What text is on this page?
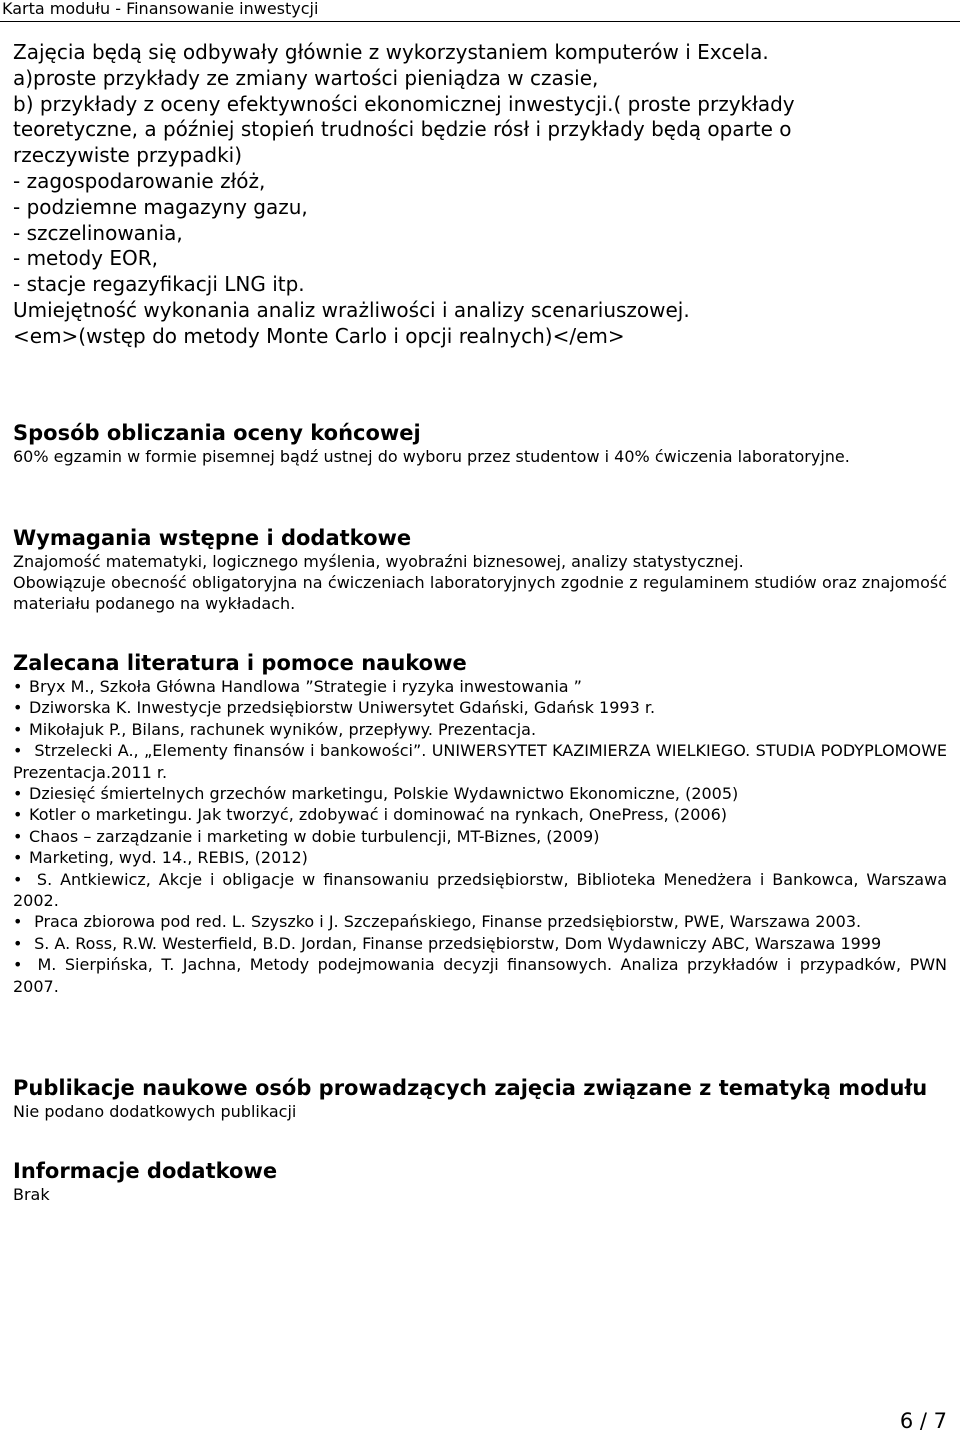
Karta modułu - Finansowanie inwestycji
Zajęcia będą się odbywały głównie z wykorzystaniem komputerów i Excela.
a)proste przykłady ze zmiany wartości pieniądza w czasie,
b) przykłady z oceny efektywności ekonomicznej inwestycji.( proste przykłady
teoretyczne, a później stopień trudności będzie rósł i przykłady będą oparte o
rzeczywiste przypadki)
- zagospodarowanie złóż,
- podziemne magazyny gazu,
- szczelinowania,
- metody EOR,
- stacje regazyfikacji LNG itp.
Umiejętność wykonania analiz wrażliwości i analizy scenariuszowej.
<em>(wstęp do metody Monte Carlo i opcji realnych)</em>
Sposób obliczania oceny końcowej
60% egzamin w formie pisemnej bądź ustnej do wyboru przez studentow i 40% ćwiczenia laboratoryjne.
Wymagania wstępne i dodatkowe
Znajomość matematyki, logicznego myślenia, wyobraźni biznesowej, analizy statystycznej.
Obowiązuje obecność obligatoryjna na ćwiczeniach laboratoryjnych zgodnie z regulaminem studiów oraz znajomość materiału podanego na wykładach.
Zalecana literatura i pomoce naukowe
• Bryx M., Szkoła Główna Handlowa ”Strategie i ryzyka inwestowania ”
• Dziworska K. Inwestycje przedsiębiorstw Uniwersytet Gdański, Gdańsk 1993 r.
• Mikołajuk P., Bilans, rachunek wyników, przepływy. Prezentacja.
• Strzelecki A., „Elementy finansów i bankowości”. UNIWERSYTET KAZIMIERZA WIELKIEGO. STUDIA PODYPLOMOWE Prezentacja.2011 r.
• Dziesięć śmiertelnych grzechów marketingu, Polskie Wydawnictwo Ekonomiczne, (2005)
• Kotler o marketingu. Jak tworzyć, zdobywać i dominować na rynkach, OnePress, (2006)
• Chaos – zarządzanie i marketing w dobie turbulencji, MT-Biznes, (2009)
• Marketing, wyd. 14., REBIS, (2012)
• S. Antkiewicz, Akcje i obligacje w finansowaniu przedsiębiorstw, Biblioteka Menedżera i Bankowca, Warszawa 2002.
• Praca zbiorowa pod red. L. Szyszko i J. Szczepańskiego, Finanse przedsiębiorstw, PWE, Warszawa 2003.
• S. A. Ross, R.W. Westerfield, B.D. Jordan, Finanse przedsiębiorstw, Dom Wydawniczy ABC, Warszawa 1999
• M. Sierpińska, T. Jachna, Metody podejmowania decyzji finansowych. Analiza przykładów i przypadków, PWN 2007.
Publikacje naukowe osób prowadzących zajęcia związane z tematyką modułu
Nie podano dodatkowych publikacji
Informacje dodatkowe
Brak
6 / 7
